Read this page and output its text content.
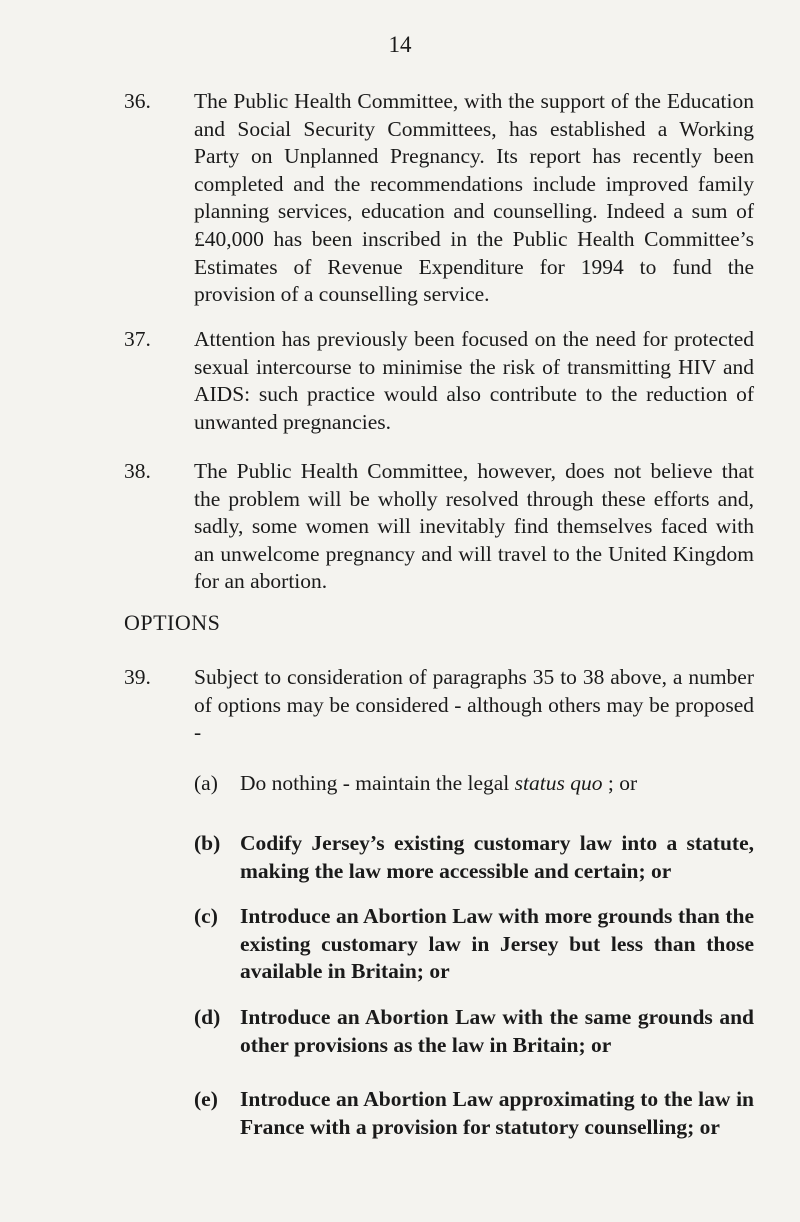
14
36.	The Public Health Committee, with the support of the Education and Social Security Committees, has established a Working Party on Unplanned Pregnancy. Its report has recently been completed and the recommendations include improved family planning services, education and counselling. Indeed a sum of £40,000 has been inscribed in the Public Health Committee’s Estimates of Revenue Expenditure for 1994 to fund the provision of a counselling service.
37.	Attention has previously been focused on the need for protected sexual intercourse to minimise the risk of transmitting HIV and AIDS: such practice would also contribute to the reduction of unwanted pregnancies.
38.	The Public Health Committee, however, does not believe that the problem will be wholly resolved through these efforts and, sadly, some women will inevitably find themselves faced with an unwelcome pregnancy and will travel to the United Kingdom for an abortion.
OPTIONS
39.	Subject to consideration of paragraphs 35 to 38 above, a number of options may be considered - although others may be proposed -
(a)	Do nothing - maintain the legal status quo ; or
(b) Codify Jersey’s existing customary law into a statute, making the law more accessible and certain; or
(c)	Introduce an Abortion Law with more grounds than the existing customary law in Jersey but less than those available in Britain; or
(d) Introduce an Abortion Law with the same grounds and other provisions as the law in Britain; or
(e)	Introduce an Abortion Law approximating to the law in France with a provision for statutory counselling; or
